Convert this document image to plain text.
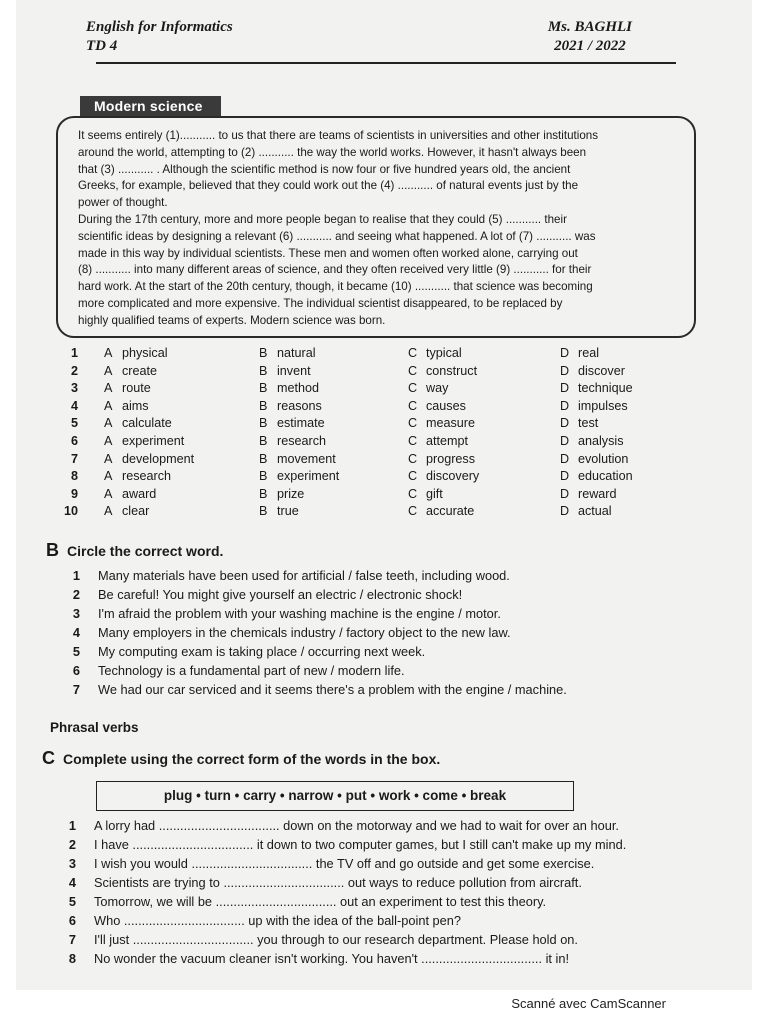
English for Informatics
TD 4
Ms. BAGHLI
2021 / 2022
Modern science

It seems entirely (1)........... to us that there are teams of scientists in universities and other institutions

around the world, attempting to (2) ........... the way the world works. However, it hasn't always been

that (3) ........... . Although the scientific method is now four or five hundred years old, the ancient

Greeks, for example, believed that they could work out the (4) ........... of natural events just by the

power of thought.

During the 17th century, more and more people began to realise that they could (5) ........... their

scientific ideas by designing a relevant (6) ........... and seeing what happened. A lot of (7) ........... was

made in this way by individual scientists. These men and women often worked alone, carrying out

(8) ........... into many different areas of science, and they often received very little (9) ........... for their

hard work. At the start of the 20th century, though, it became (10) ........... that science was becoming

more complicated and more expensive. The individual scientist disappeared, to be replaced by

highly qualified teams of experts. Modern science was born.

1 A physical	B natural	C typical	D real
2 A create	B invent	C construct	D discover
3 A route	B method	C way	D technique
4 A aims	B reasons	C causes	D impulses
5 A calculate	B estimate	C measure	D test
6 A experiment	B research	C attempt	D analysis
7 A development	B movement	C progress	D evolution
8 A research	B experiment	C discovery	D education
9 A award	B prize	C gift	D reward
10 A clear	B true	C accurate	D actual
B Circle the correct word.
1 Many materials have been used for artificial / false teeth, including wood.
2 Be careful! You might give yourself an electric / electronic shock!
3 I'm afraid the problem with your washing machine is the engine / motor.
4 Many employers in the chemicals industry / factory object to the new law.
5 My computing exam is taking place / occurring next week.
6 Technology is a fundamental part of new / modern life.
7 We had our car serviced and it seems there's a problem with the engine / machine.
Phrasal verbs
C Complete using the correct form of the words in the box.
plug • turn • carry • narrow • put • work • come • break
1 A lorry had .................................. down on the motorway and we had to wait for over an hour.
2 I have .................................. it down to two computer games, but I still can't make up my mind.
3 I wish you would .................................. the TV off and go outside and get some exercise.
4 Scientists are trying to .................................. out ways to reduce pollution from aircraft.
5 Tomorrow, we will be .................................. out an experiment to test this theory.
6 Who .................................. up with the idea of the ball-point pen?
7 I'll just .................................. you through to our research department. Please hold on.
8 No wonder the vacuum cleaner isn't working. You haven't .................................. it in!
Scanné avec CamScanner
